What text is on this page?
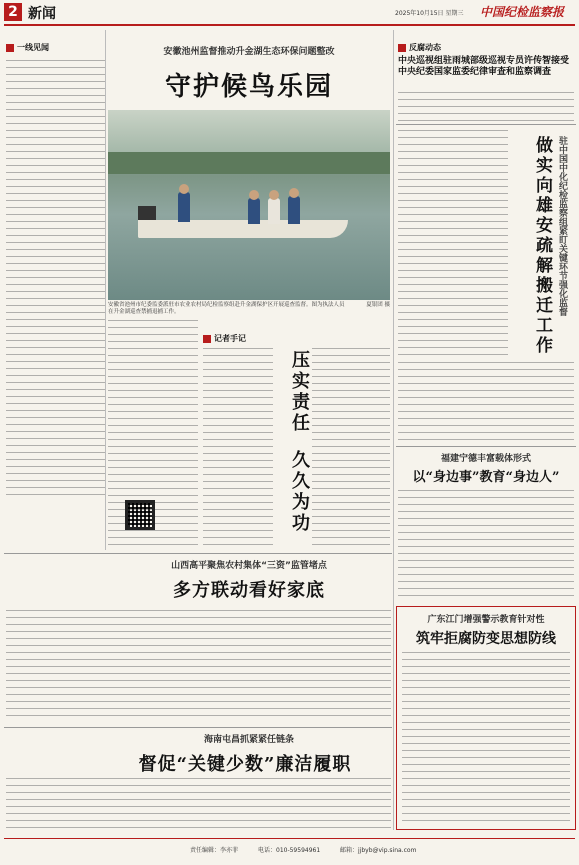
2 新闻	2025年10月15日 星期三 中国纪检监察报
一线见闻	安徽池州监督推动升金湖生态环保问题整改
守护候鸟乐园
安徽省池州市纪委监委派驻市农业农村局纪检监察组赴升金湖保护区开展巡查监督。图为执法人员在升金湖巡查禁捕退捕工作。
夏银团 摄
记者手记
压实责任
久久为功
山西高平聚焦农村集体“三资”监管堵点
多方联动看好家底
海南屯昌抓紧紧任链条
督促“关键少数”廉洁履职
反腐动态
中央巡视组驻雨城部级巡视专员许传智接受中央纪委国家监委纪律审查和监察调查
做实向雄安疏解搬迁工作 驻中国中化纪检监察组紧盯关键环节强化监督
福建宁德丰富载体形式
以“身边事”教育“身边人”
广东江门增强警示教育针对性
筑牢拒腐防变思想防线
责任编辑：李亦菲	电话：010-59594961	邮箱：jjbyb@vip.sina.com
